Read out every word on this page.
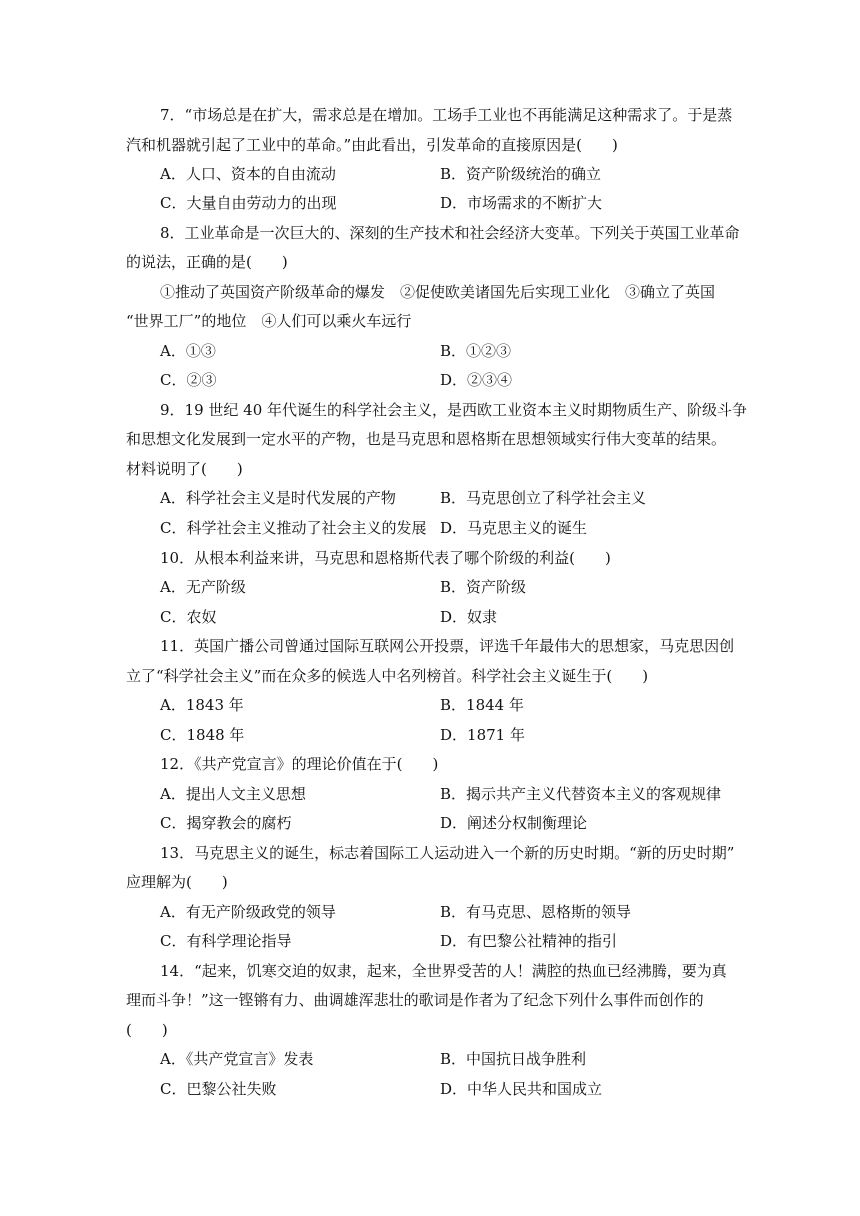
7．“市场总是在扩大，需求总是在增加。工场手工业也不再能满足这种需求了。于是蒸
汽和机器就引起了工业中的革命。”由此看出，引发革命的直接原因是(　　)
A．人口、资本的自由流动	B．资产阶级统治的确立
C．大量自由劳动力的出现	D．市场需求的不断扩大
8．工业革命是一次巨大的、深刻的生产技术和社会经济大变革。下列关于英国工业革命
的说法，正确的是(　　)
①推动了英国资产阶级革命的爆发　②促使欧美诸国先后实现工业化　③确立了英国
“世界工厂”的地位　④人们可以乘火车远行
A．①③	B．①②③
C．②③	D．②③④
9．19 世纪 40 年代诞生的科学社会主义，是西欧工业资本主义时期物质生产、阶级斗争
和思想文化发展到一定水平的产物，也是马克思和恩格斯在思想领域实行伟大变革的结果。
材料说明了(　　)
A．科学社会主义是时代发展的产物	B．马克思创立了科学社会主义
C．科学社会主义推动了社会主义的发展 D．马克思主义的诞生
10．从根本利益来讲，马克思和恩格斯代表了哪个阶级的利益(　　)
A．无产阶级	B．资产阶级
C．农奴	D．奴隶
11．英国广播公司曾通过国际互联网公开投票，评选千年最伟大的思想家，马克思因创
立了“科学社会主义”而在众多的候选人中名列榜首。科学社会主义诞生于(　　)
A．1843 年	B．1844 年
C．1848 年	D．1871 年
12．《共产党宣言》的理论价值在于(　　)
A．提出人文主义思想	B．揭示共产主义代替资本主义的客观规律
C．揭穿教会的腐朽	D．阐述分权制衡理论
13．马克思主义的诞生，标志着国际工人运动进入一个新的历史时期。“新的历史时期”
应理解为(　　)
A．有无产阶级政党的领导	B．有马克思、恩格斯的领导
C．有科学理论指导	D．有巴黎公社精神的指引
14．“起来，饥寒交迫的奴隶，起来，全世界受苦的人！满腔的热血已经沸腾，要为真
理而斗争！”这一铿锵有力、曲调雄浑悲壮的歌词是作者为了纪念下列什么事件而创作的
(　　)
A．《共产党宣言》发表	B．中国抗日战争胜利
C．巴黎公社失败	D．中华人民共和国成立
